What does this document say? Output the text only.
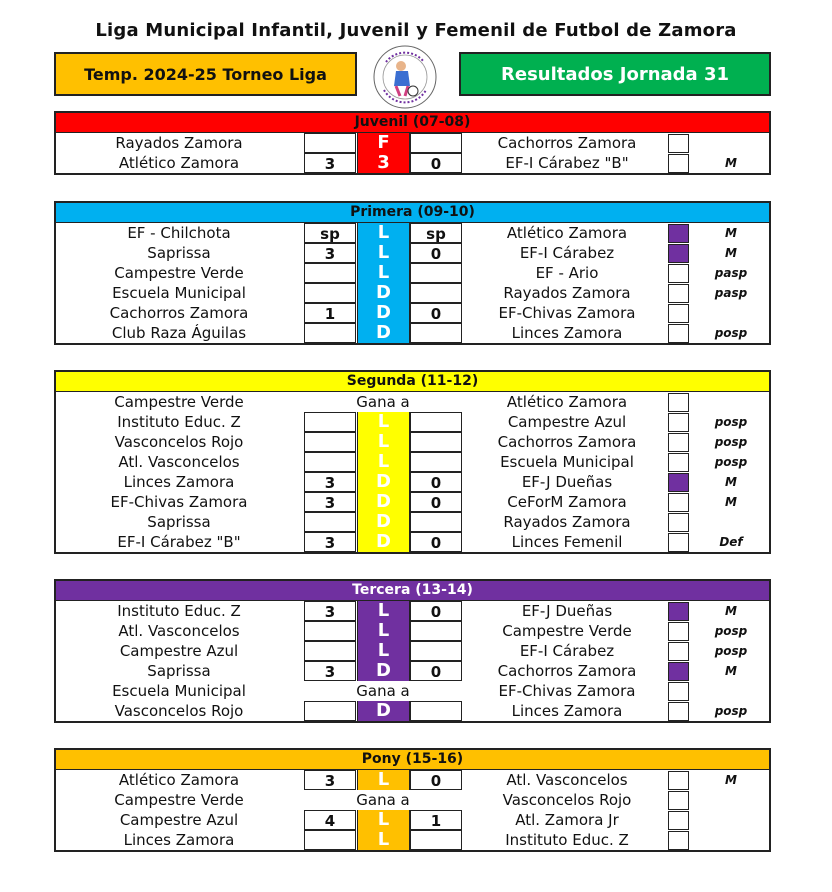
Liga Municipal Infantil, Juvenil y Femenil de Futbol de Zamora
Temp. 2024-25 Torneo Liga	Resultados Jornada 31
Juvenil (07-08)
Rayados Zamora	F	Cachorros Zamora
Atlético Zamora	3	3	0	EF-I Cárabez "B"	M
Primera (09-10)
EF - Chilchota	sp	L	sp	Atlético Zamora	M
Saprissa	3	L	0	EF-I Cárabez	M
Campestre Verde	L	EF - Ario	pasp
Escuela Municipal	D	Rayados Zamora	pasp
Cachorros Zamora	1	D	0	EF-Chivas Zamora
Club Raza Águilas	D	Linces Zamora	posp
Segunda (11-12)
Campestre Verde	Gana a	Atlético Zamora
Instituto Educ. Z	L	Campestre Azul	posp
Vasconcelos Rojo	L	Cachorros Zamora	posp
Atl. Vasconcelos	L	Escuela Municipal	posp
Linces Zamora	3	D	0	EF-J Dueñas	M
EF-Chivas Zamora	3	D	0	CeForM Zamora	M
Saprissa	D	Rayados Zamora
EF-I Cárabez "B"	3	D	0	Linces Femenil	Def
Tercera (13-14)
Instituto Educ. Z	3	L	0	EF-J Dueñas	M
Atl. Vasconcelos	L	Campestre Verde	posp
Campestre Azul	L	EF-I Cárabez	posp
Saprissa	3	D	0	Cachorros Zamora	M
Escuela Municipal	Gana a	EF-Chivas Zamora
Vasconcelos Rojo	D	Linces Zamora	posp
Pony (15-16)
Atlético Zamora	3	L	0	Atl. Vasconcelos	M
Campestre Verde	Gana a	Vasconcelos Rojo
Campestre Azul	4	L	1	Atl. Zamora Jr
Linces Zamora	L	Instituto Educ. Z
